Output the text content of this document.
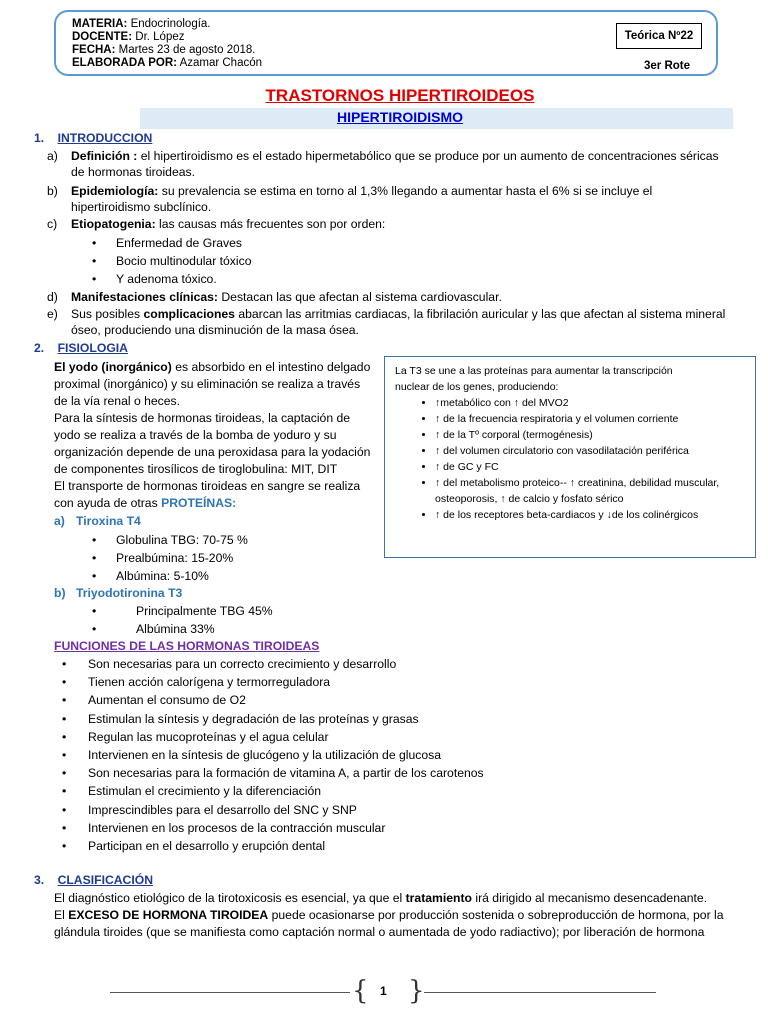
MATERIA: Endocrinología.
DOCENTE: Dr. López
FECHA: Martes 23 de agosto 2018.
ELABORADA POR: Azamar Chacón
Teórica Nº22
3er Rote
TRASTORNOS HIPERTIROIDEOS
HIPERTIROIDISMO
1. INTRODUCCION
a) Definición : el hipertiroidismo es el estado hipermetabólico que se produce por un aumento de concentraciones séricas
de hormonas tiroideas.
b) Epidemiología: su prevalencia se estima en torno al 1,3% llegando a aumentar hasta el 6% si se incluye el
hipertiroidismo subclínico.
c) Etiopatogenia: las causas más frecuentes son por orden:
• Enfermedad de Graves
• Bocio multinodular tóxico
• Y adenoma tóxico.
d) Manifestaciones clínicas: Destacan las que afectan al sistema cardiovascular.
e) Sus posibles complicaciones abarcan las arritmias cardiacas, la fibrilación auricular y las que afectan al sistema mineral
óseo, produciendo una disminución de la masa ósea.
2. FISIOLOGIA
El yodo (inorgánico) es absorbido en el intestino delgado
proximal (inorgánico) y su eliminación se realiza a través
de la vía renal o heces.
Para la síntesis de hormonas tiroideas, la captación de
yodo se realiza a través de la bomba de yoduro y su
organización depende de una peroxidasa para la yodación
de componentes tirosílicos de tiroglobulina: MIT, DIT
El transporte de hormonas tiroideas en sangre se realiza
con ayuda de otras PROTEÍNAS:
a) Tiroxina T4
• Globulina TBG: 70-75 %
• Prealbúmina: 15-20%
• Albúmina: 5-10%
b) Triyodotironina T3
•	Principalmente TBG 45%
•	Albúmina 33%
La T3 se une a las proteínas para aumentar la transcripción
nuclear de los genes, produciendo:
• ↑metabólico con ↑ del MVO2
• ↑ de la frecuencia respiratoria y el volumen corriente
• ↑ de la Tº corporal (termogénesis)
• ↑ del volumen circulatorio con vasodilatación periférica
• ↑ de GC y FC
• ↑ del metabolismo proteico-- ↑ creatinina, debilidad muscular, osteoporosis, ↑ de calcio y fosfato sérico
• ↑ de los receptores beta-cardiacos y ↓de los colinérgicos
FUNCIONES DE LAS HORMONAS TIROIDEAS
• Son necesarias para un correcto crecimiento y desarrollo
• Tienen acción calorígena y termorreguladora
• Aumentan el consumo de O2
• Estimulan la síntesis y degradación de las proteínas y grasas
• Regulan las mucoproteínas y el agua celular
• Intervienen en la síntesis de glucógeno y la utilización de glucosa
• Son necesarias para la formación de vitamina A, a partir de los carotenos
• Estimulan el crecimiento y la diferenciación
• Imprescindibles para el desarrollo del SNC y SNP
• Intervienen en los procesos de la contracción muscular
• Participan en el desarrollo y erupción dental
3. CLASIFICACIÓN
El diagnóstico etiológico de la tirotoxicosis es esencial, ya que el tratamiento irá dirigido al mecanismo desencadenante.
El EXCESO DE HORMONA TIROIDEA puede ocasionarse por producción sostenida o sobreproducción de hormona, por la
glándula tiroides (que se manifiesta como captación normal o aumentada de yodo radiactivo); por liberación de hormona
{ 1 }
